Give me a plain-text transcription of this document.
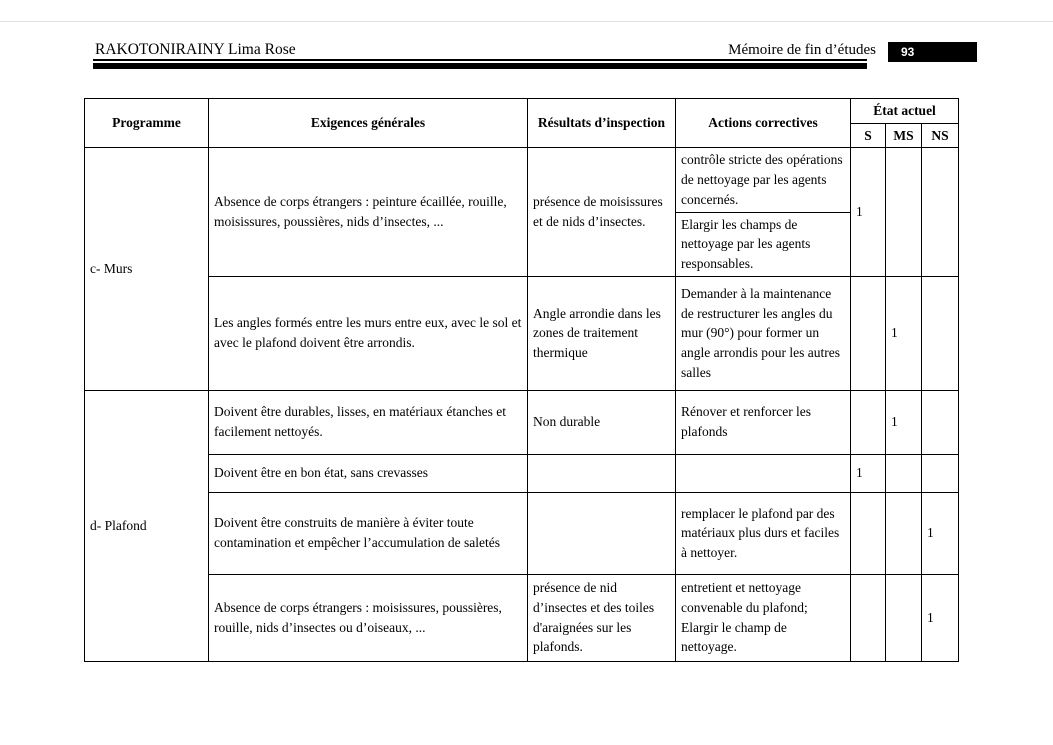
RAKOTONIRAINY Lima Rose	Mémoire de fin d’études	93
Programme	Exigences générales	Résultats d’inspection	Actions correctives	État actuel		
				S	MS	NS
c- Murs	Absence de corps étrangers : peinture écaillée, rouille, moisissures, poussières, nids d’insectes, ...	présence de moisissures et de nids d’insectes.	contrôle stricte des opérations de nettoyage par les agents concernés.	1		
			Elargir les champs de nettoyage par les agents responsables.			
	Les angles formés entre les murs entre eux, avec le sol et avec le plafond doivent être arrondis.	Angle arrondie dans les zones de traitement thermique	Demander à la maintenance de restructurer les angles du mur (90°) pour former un angle arrondis pour les autres salles		1	
d- Plafond	Doivent être durables, lisses, en matériaux étanches et facilement nettoyés.	Non durable	Rénover et renforcer les plafonds		1	
	Doivent être en bon état, sans crevasses			1		
	Doivent être construits de manière à éviter toute contamination et empêcher l’accumulation de saletés		remplacer le plafond par des matériaux plus durs et faciles à nettoyer.			1
	Absence de corps étrangers : moisissures, poussières, rouille, nids d’insectes ou d’oiseaux, ...	présence de nid d’insectes et des toiles d'araignées sur les plafonds.	entretient et nettoyage convenable du plafond; Elargir le champ de nettoyage.			1
